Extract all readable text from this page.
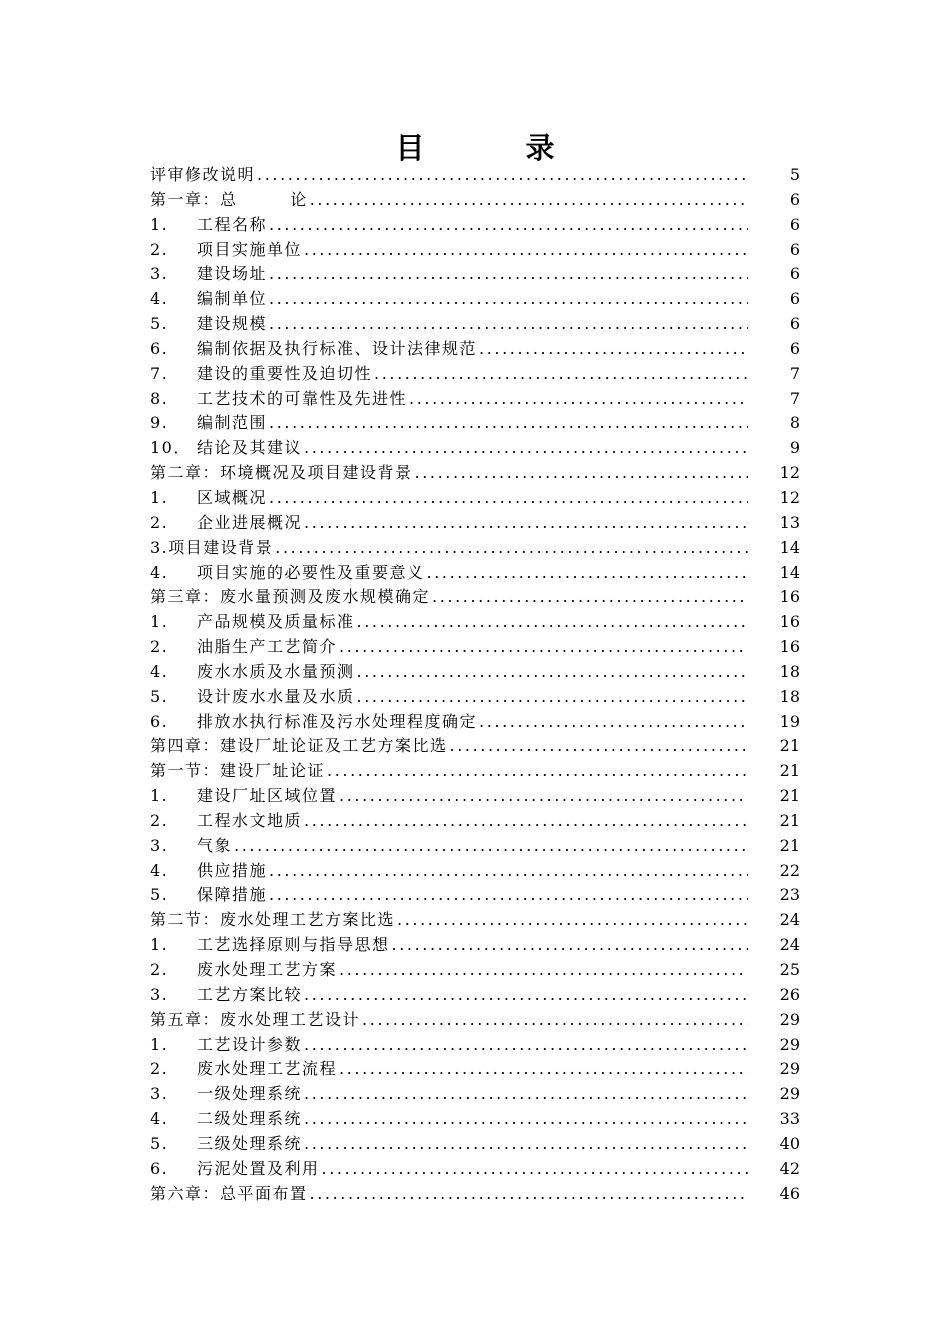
目          录
评审修改说明 .....	5
第一章：总        论 .....	6
1.	工程名称 .....	6
2.	项目实施单位 .....	6
3.	建设场址 .....	6
4.	编制单位 .....	6
5.	建设规模 .....	6
6.	编制依据及执行标准、设计法律规范 .....	6
7.	建设的重要性及迫切性 .....	7
8.	工艺技术的可靠性及先进性 .....	7
9.	编制范围 .....	8
10． 结论及其建议 .....	9
第二章：环境概况及项目建设背景 .....	12
1.	区域概况 .....	12
2.	企业进展概况 .....	13
3.项目建设背景 .....	14
4.	项目实施的必要性及重要意义 .....	14
第三章：废水量预测及废水规模确定 .....	16
1.	产品规模及质量标准 .....	16
2.	油脂生产工艺简介 .....	16
4.	废水水质及水量预测 .....	18
5.	设计废水水量及水质 .....	18
6.	排放水执行标准及污水处理程度确定 .....	19
第四章：建设厂址论证及工艺方案比选 .....	21
第一节：建设厂址论证 .....	21
1.	建设厂址区域位置 .....	21
2.	工程水文地质 .....	21
3.	气象 .....	21
4.	供应措施 .....	22
5.	保障措施 .....	23
第二节：废水处理工艺方案比选 .....	24
1.	工艺选择原则与指导思想 .....	24
2.	废水处理工艺方案 .....	25
3.	工艺方案比较 .....	26
第五章：废水处理工艺设计 .....	29
1.	工艺设计参数 .....	29
2.	废水处理工艺流程 .....	29
3.	一级处理系统 .....	29
4.	二级处理系统 .....	33
5.	三级处理系统 .....	40
6.	污泥处置及利用 .....	42
第六章：总平面布置 .....	46
